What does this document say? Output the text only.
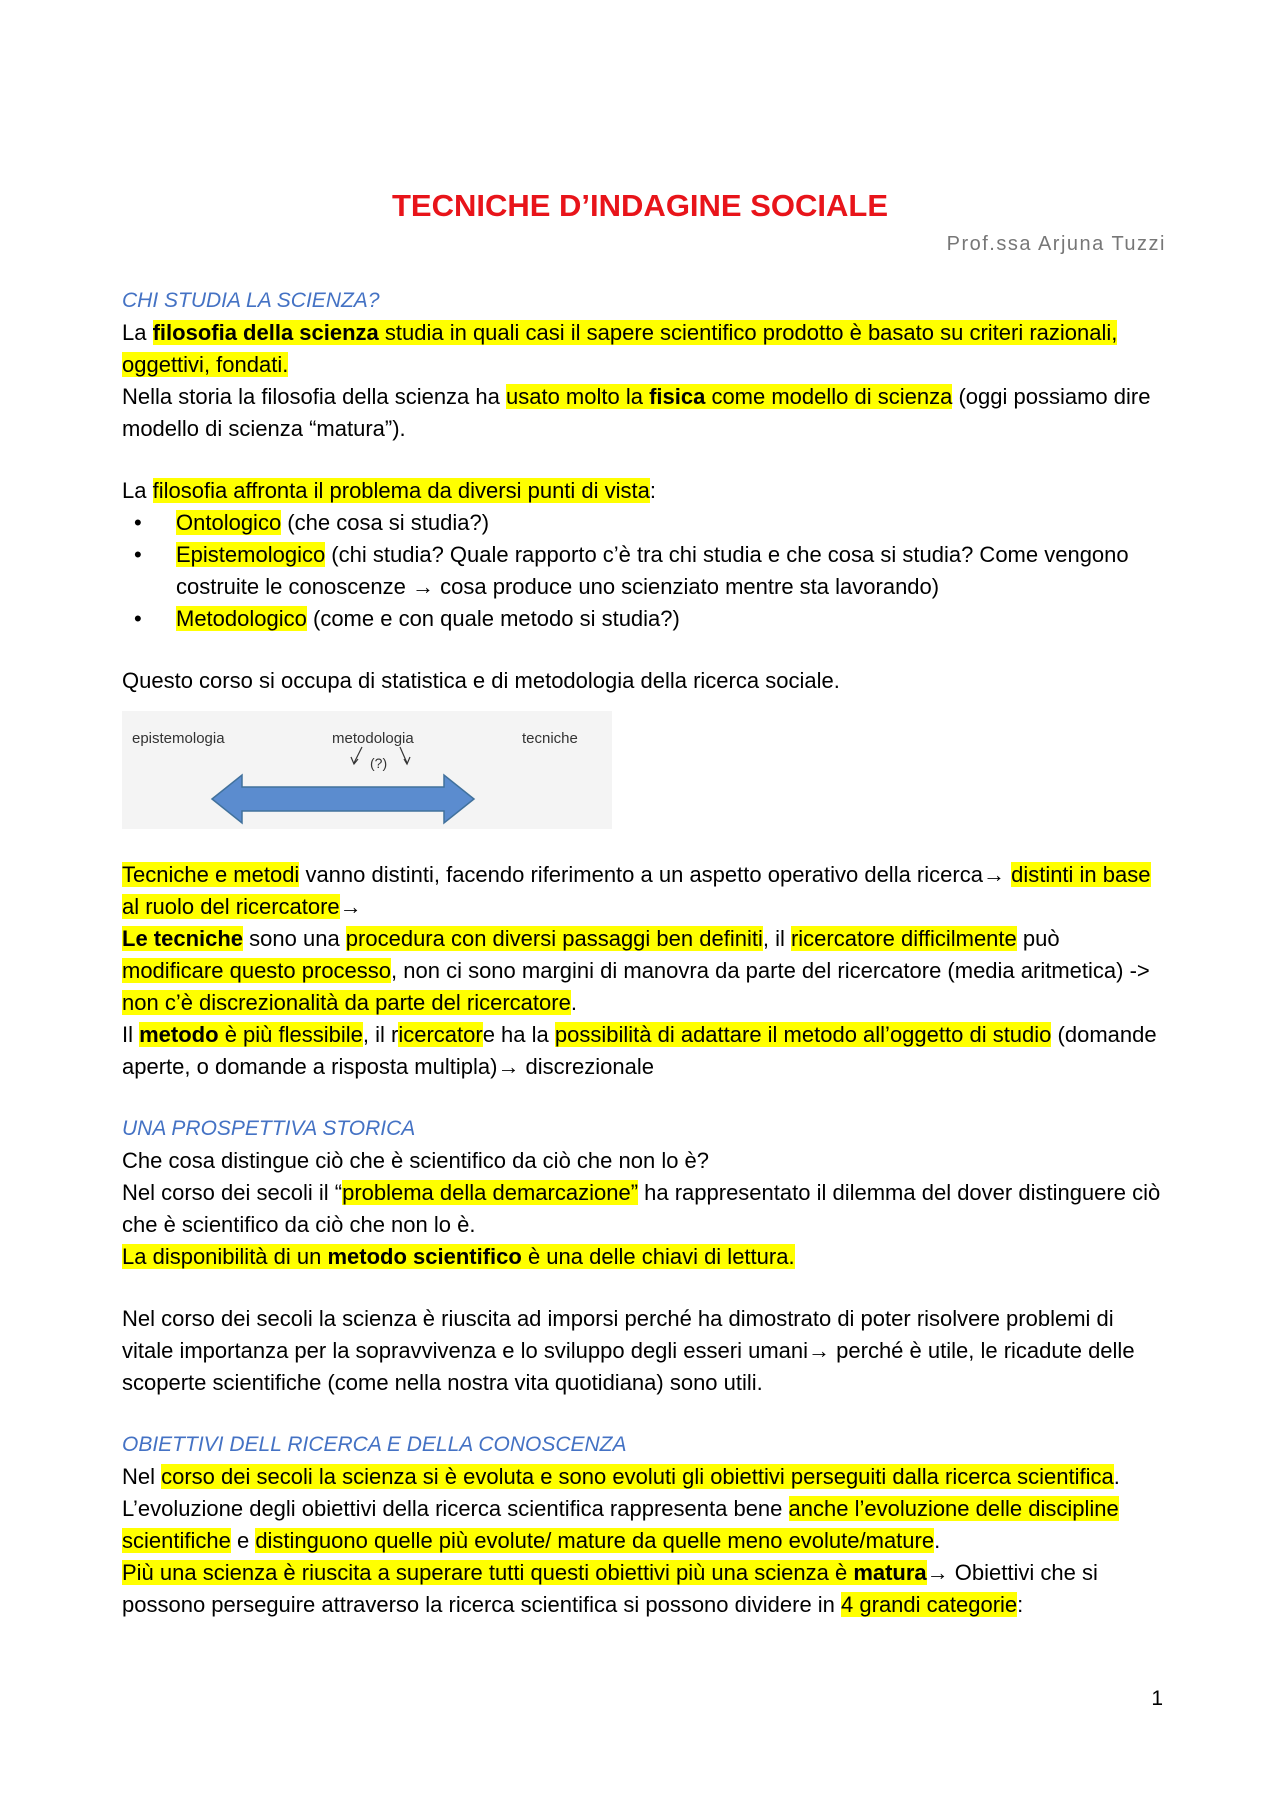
TECNICHE D’INDAGINE SOCIALE
Prof.ssa Arjuna Tuzzi

CHI STUDIA LA SCIENZA?

La filosofia della scienza studia in quali casi il sapere scientifico prodotto è basato su criteri razionali, oggettivi, fondati.

Nella storia la filosofia della scienza ha usato molto la fisica come modello di scienza (oggi possiamo dire modello di scienza “matura”).

La filosofia affronta il problema da diversi punti di vista:

• Ontologico (che cosa si studia?)
• Epistemologico (chi studia? Quale rapporto c’è tra chi studia e che cosa si studia? Come vengono costruite le conoscenze → cosa produce uno scienziato mentre sta lavorando)
• Metodologico (come e con quale metodo si studia?)

Questo corso si occupa di statistica e di metodologia della ricerca sociale.

epistemologia	metodologia	tecniche
(?)

Tecniche e metodi vanno distinti, facendo riferimento a un aspetto operativo della ricerca→ distinti in base al ruolo del ricercatore→

Le tecniche sono una procedura con diversi passaggi ben definiti, il ricercatore difficilmente può modificare questo processo, non ci sono margini di manovra da parte del ricercatore (media aritmetica) -> non c’è discrezionalità da parte del ricercatore.

Il metodo è più flessibile, il ricercatore ha la possibilità di adattare il metodo all’oggetto di studio (domande aperte, o domande a risposta multipla)→ discrezionale

UNA PROSPETTIVA STORICA

Che cosa distingue ciò che è scientifico da ciò che non lo è?

Nel corso dei secoli il “problema della demarcazione” ha rappresentato il dilemma del dover distinguere ciò che è scientifico da ciò che non lo è.

La disponibilità di un metodo scientifico è una delle chiavi di lettura.

Nel corso dei secoli la scienza è riuscita ad imporsi perché ha dimostrato di poter risolvere problemi di vitale importanza per la sopravvivenza e lo sviluppo degli esseri umani→ perché è utile, le ricadute delle scoperte scientifiche (come nella nostra vita quotidiana) sono utili.

OBIETTIVI DELL RICERCA E DELLA CONOSCENZA

Nel corso dei secoli la scienza si è evoluta e sono evoluti gli obiettivi perseguiti dalla ricerca scientifica.

L’evoluzione degli obiettivi della ricerca scientifica rappresenta bene anche l’evoluzione delle discipline scientifiche e distinguono quelle più evolute/ mature da quelle meno evolute/mature.

Più una scienza è riuscita a superare tutti questi obiettivi più una scienza è matura→ Obiettivi che si possono perseguire attraverso la ricerca scientifica si possono dividere in 4 grandi categorie:

1
